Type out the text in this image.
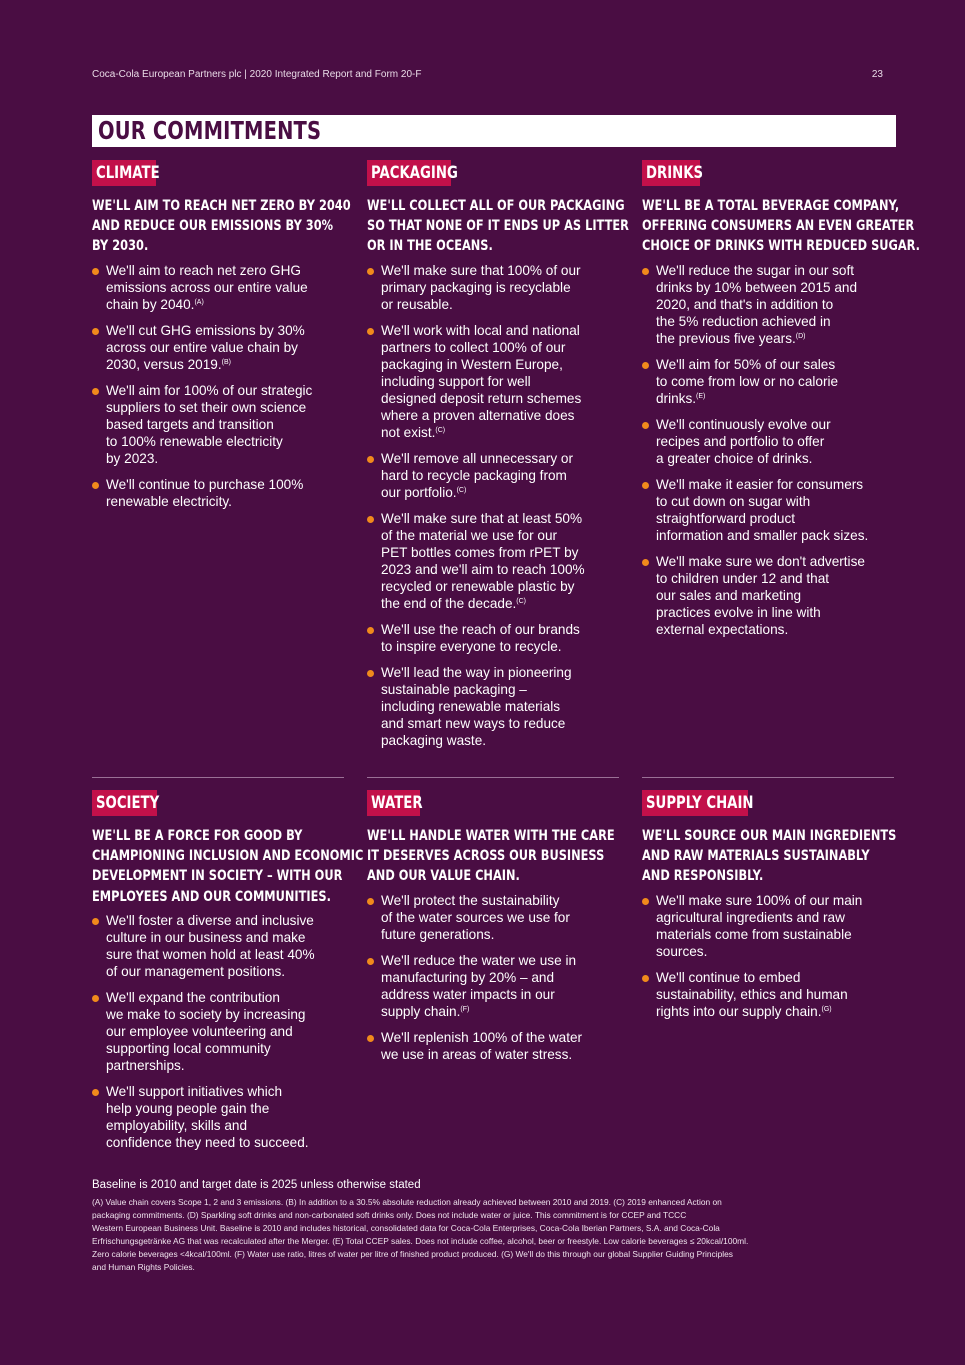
Coca-Cola European Partners plc | 2020 Integrated Report and Form 20-F	23
OUR COMMITMENTS
CLIMATE
WE'LL AIM TO REACH NET ZERO BY 2040
AND REDUCE OUR EMISSIONS BY 30%
BY 2030.
We'll aim to reach net zero GHG
emissions across our entire value
chain by 2040.$^{(A)}$
We'll cut GHG emissions by 30%
across our entire value chain by
2030, versus 2019.$^{(B)}$
We'll aim for 100% of our strategic
suppliers to set their own science
based targets and transition
to 100% renewable electricity
by 2023.
We'll continue to purchase 100%
renewable electricity.
PACKAGING
WE'LL COLLECT ALL OF OUR PACKAGING
SO THAT NONE OF IT ENDS UP AS LITTER
OR IN THE OCEANS.
We'll make sure that 100% of our
primary packaging is recyclable
or reusable.
We'll work with local and national
partners to collect 100% of our
packaging in Western Europe,
including support for well
designed deposit return schemes
where a proven alternative does
not exist.$^{(C)}$
We'll remove all unnecessary or
hard to recycle packaging from
our portfolio.$^{(C)}$
We'll make sure that at least 50%
of the material we use for our
PET bottles comes from rPET by
2023 and we'll aim to reach 100%
recycled or renewable plastic by
the end of the decade.$^{(C)}$
We'll use the reach of our brands
to inspire everyone to recycle.
We'll lead the way in pioneering
sustainable packaging –
including renewable materials
and smart new ways to reduce
packaging waste.
DRINKS
WE'LL BE A TOTAL BEVERAGE COMPANY,
OFFERING CONSUMERS AN EVEN GREATER
CHOICE OF DRINKS WITH REDUCED SUGAR.
We'll reduce the sugar in our soft
drinks by 10% between 2015 and
2020, and that's in addition to
the 5% reduction achieved in
the previous five years.$^{(D)}$
We'll aim for 50% of our sales
to come from low or no calorie
drinks.$^{(E)}$
We'll continuously evolve our
recipes and portfolio to offer
a greater choice of drinks.
We'll make it easier for consumers
to cut down on sugar with
straightforward product
information and smaller pack sizes.
We'll make sure we don't advertise
to children under 12 and that
our sales and marketing
practices evolve in line with
external expectations.
SOCIETY
WE'LL BE A FORCE FOR GOOD BY
CHAMPIONING INCLUSION AND ECONOMIC
DEVELOPMENT IN SOCIETY – WITH OUR
EMPLOYEES AND OUR COMMUNITIES.
We'll foster a diverse and inclusive
culture in our business and make
sure that women hold at least 40%
of our management positions.
We'll expand the contribution
we make to society by increasing
our employee volunteering and
supporting local community
partnerships.
We'll support initiatives which
help young people gain the
employability, skills and
confidence they need to succeed.
WATER
WE'LL HANDLE WATER WITH THE CARE
IT DESERVES ACROSS OUR BUSINESS
AND OUR VALUE CHAIN.
We'll protect the sustainability
of the water sources we use for
future generations.
We'll reduce the water we use in
manufacturing by 20% – and
address water impacts in our
supply chain.$^{(F)}$
We'll replenish 100% of the water
we use in areas of water stress.
SUPPLY CHAIN
WE'LL SOURCE OUR MAIN INGREDIENTS
AND RAW MATERIALS SUSTAINABLY
AND RESPONSIBLY.
We'll make sure 100% of our main
agricultural ingredients and raw
materials come from sustainable
sources.
We'll continue to embed
sustainability, ethics and human
rights into our supply chain.$^{(G)}$
Baseline is 2010 and target date is 2025 unless otherwise stated
(A) Value chain covers Scope 1, 2 and 3 emissions. (B) In addition to a 30.5% absolute reduction already achieved between 2010 and 2019. (C) 2019 enhanced Action on
packaging commitments. (D) Sparkling soft drinks and non-carbonated soft drinks only. Does not include water or juice. This commitment is for CCEP and TCCC
Western European Business Unit. Baseline is 2010 and includes historical, consolidated data for Coca-Cola Enterprises, Coca-Cola Iberian Partners, S.A. and Coca-Cola
Erfrischungsgetränke AG that was recalculated after the Merger. (E) Total CCEP sales. Does not include coffee, alcohol, beer or freestyle. Low calorie beverages ≤ 20kcal/100ml.
Zero calorie beverages <4kcal/100ml. (F) Water use ratio, litres of water per litre of finished product produced. (G) We'll do this through our global Supplier Guiding Principles
and Human Rights Policies.
